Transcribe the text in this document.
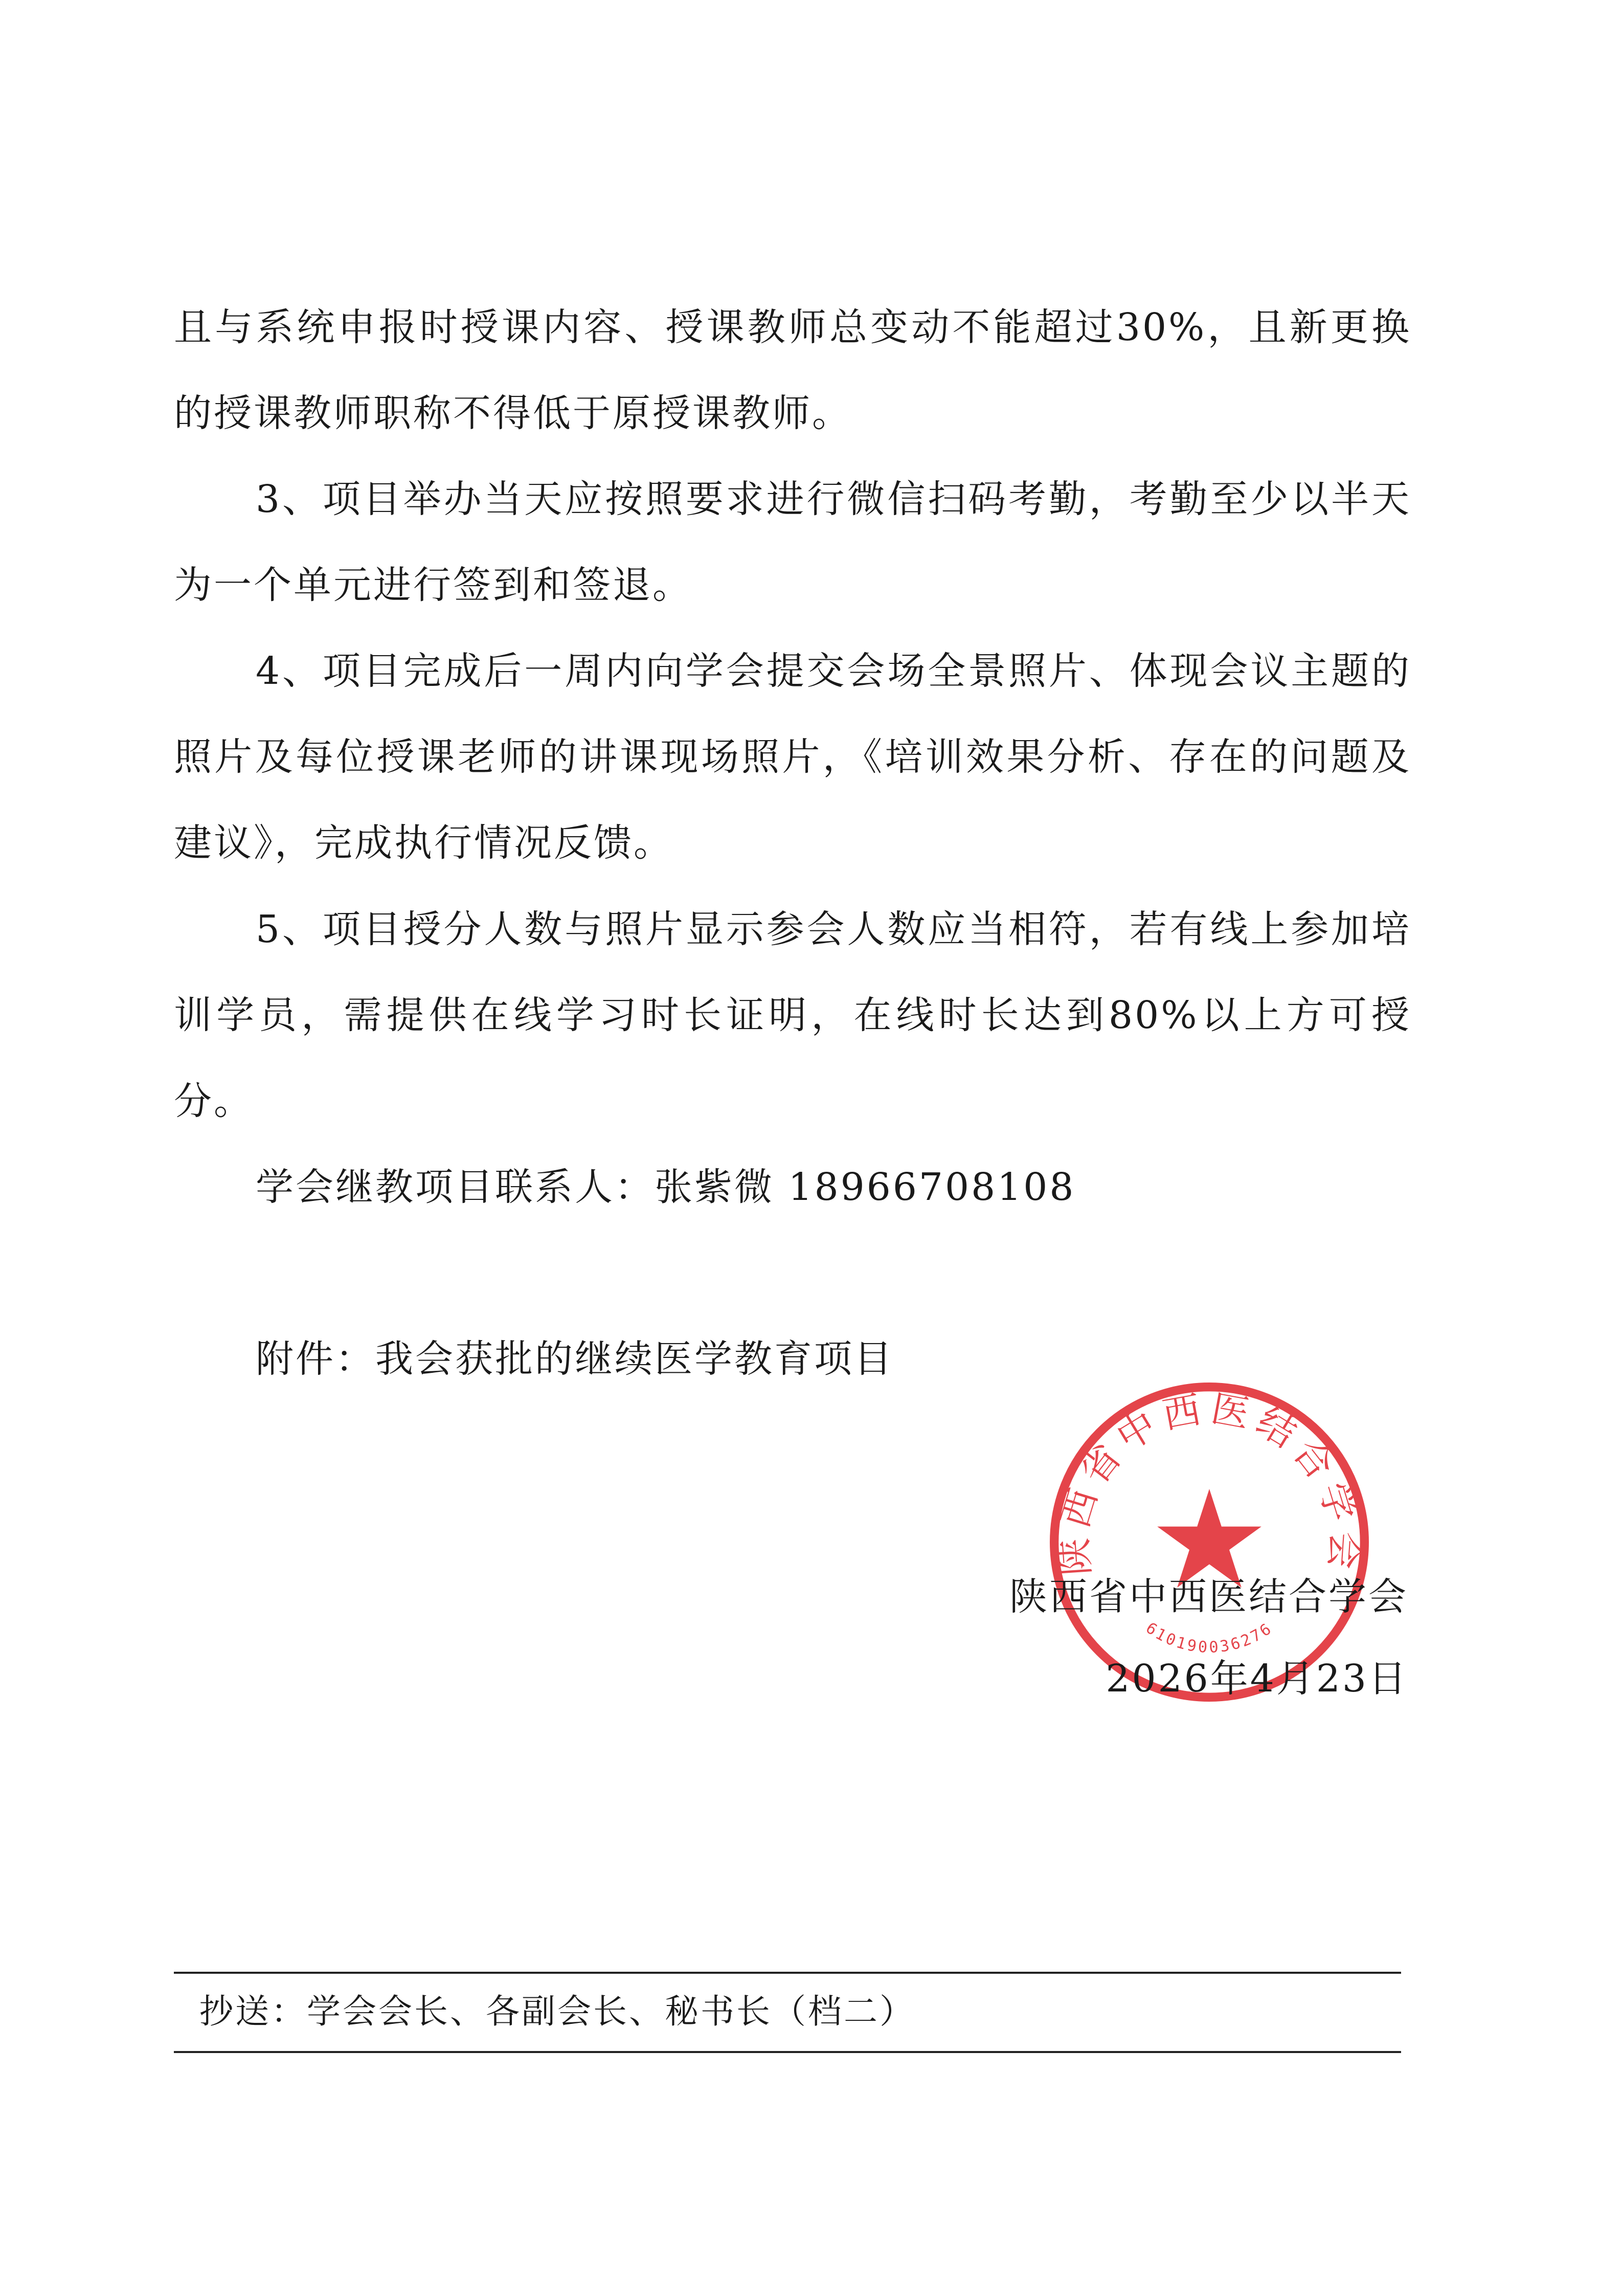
且与系统申报时授课内容、授课教师总变动不能超过30%，且新更换的授课教师职称不得低于原授课教师。

3、项目举办当天应按照要求进行微信扫码考勤，考勤至少以半天为一个单元进行签到和签退。

4、项目完成后一周内向学会提交会场全景照片、体现会议主题的照片及每位授课老师的讲课现场照片，《培训效果分析、存在的问题及建议》，完成执行情况反馈。

5、项目授分人数与照片显示参会人数应当相符，若有线上参加培训学员，需提供在线学习时长证明，在线时长达到80%以上方可授分。

学会继教项目联系人：张紫微 18966708108

附件：我会获批的继续医学教育项目

陕西省中西医结合学会
610190036276
陕西省中西医结合学会
2026年4月23日
抄送：学会会长、各副会长、秘书长（档二）
